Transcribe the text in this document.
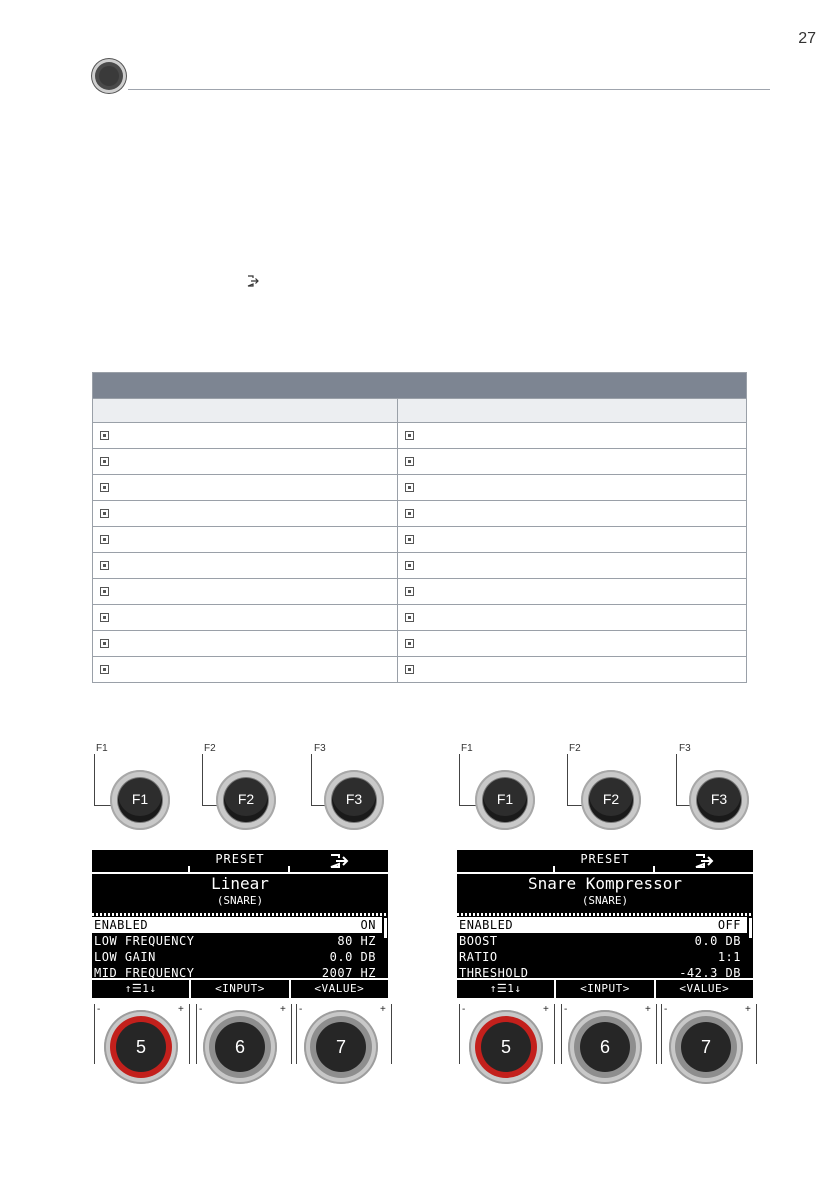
27
F1	F2	F3
F1	F2	F3
PRESET
Linear
(SNARE)
ENABLED	ON
LOW FREQUENCY	80 HZ
LOW GAIN	0.0 DB
MID FREQUENCY	2007 HZ
↑☰1↓	<INPUT>	<VALUE>
-	+ -	+ -	+
5	6	7
F1	F2	F3
F1	F2	F3
PRESET
Snare Kompressor
(SNARE)
ENABLED	OFF
BOOST	0.0 DB
RATIO	1:1
THRESHOLD	-42.3 DB
↑☰1↓	<INPUT>	<VALUE>
-	+ -	+ -	+
5	6	7
